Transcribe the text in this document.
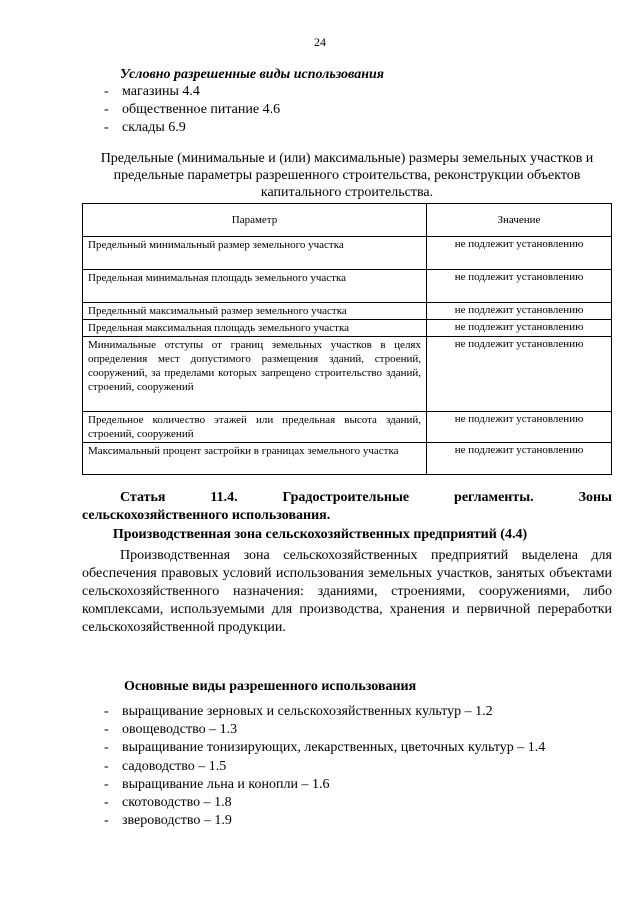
24
Условно разрешенные виды использования
- магазины 4.4
- общественное питание 4.6
- склады 6.9
Предельные (минимальные и (или) максимальные) размеры земельных участков и предельные параметры разрешенного строительства, реконструкции объектов капитального строительства.
Параметр	Значение
Предельный минимальный размер земельного участка	не подлежит установлению
Предельная минимальная площадь земельного участка	не подлежит установлению
Предельный максимальный размер земельного участка	не подлежит установлению
Предельная максимальная площадь земельного участка	не подлежит установлению
Минимальные отступы от границ земельных участков в целях определения мест допустимого размещения зданий, строений, сооружений, за пределами которых запрещено строительство зданий, строений, сооружений	не подлежит установлению
Предельное количество этажей или предельная высота зданий, строений, сооружений	не подлежит установлению
Максимальный процент застройки в границах земельного участка	не подлежит установлению
Статья	11.4.	Градостроительные	регламенты.	Зоны
сельскохозяйственного использования.
Производственная зона сельскохозяйственных предприятий (4.4)
Производственная зона сельскохозяйственных предприятий выделена для обеспечения правовых условий использования земельных участков, занятых объектами сельскохозяйственного назначения: зданиями, строениями, сооружениями, либо комплексами, используемыми для производства, хранения и первичной переработки сельскохозяйственной продукции.
Основные виды разрешенного использования
- выращивание зерновых и сельскохозяйственных культур – 1.2
- овощеводство – 1.3
- выращивание тонизирующих, лекарственных, цветочных культур – 1.4
- садоводство – 1.5
- выращивание льна и конопли – 1.6
- скотоводство – 1.8
- звероводство – 1.9
